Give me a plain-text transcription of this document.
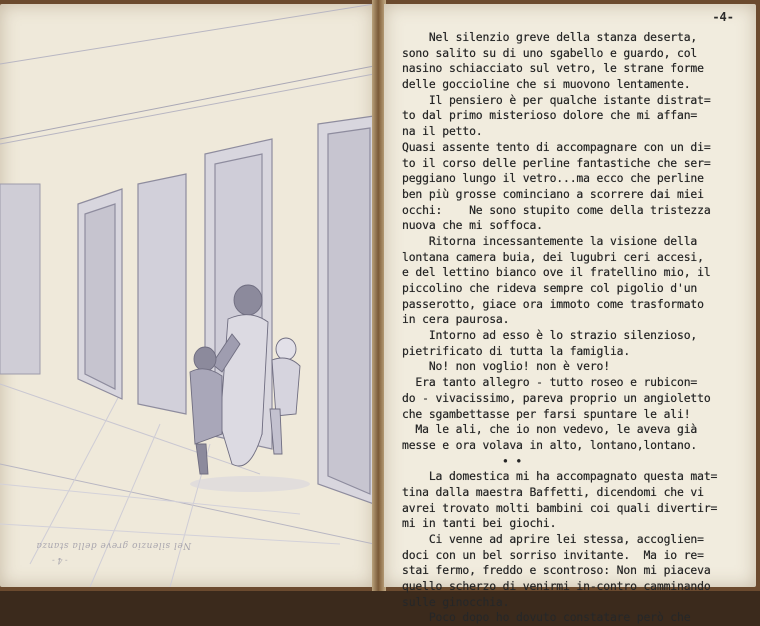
Nel silenzio greve della stanza
- 4 -
-4-
Nel silenzio greve della stanza deserta,
sono salito su di uno sgabello e guardo, col
nasino schiacciato sul vetro, le strane forme
delle goccioline che si muovono lentamente.
Il pensiero è per qualche istante distrat=
to dal primo misterioso dolore che mi affan=
na il petto.
Quasi assente tento di accompagnare con un di=
to il corso delle perline fantastiche che ser=
peggiano lungo il vetro...ma ecco che perline
ben più grosse cominciano a scorrere dai miei
occhi:    Ne sono stupito come della tristezza
nuova che mi soffoca.
Ritorna incessantemente la visione della
lontana camera buia, dei lugubri ceri accesi,
e del lettino bianco ove il fratellino mio, il
piccolino che rideva sempre col pigolio d'un
passerotto, giace ora immoto come trasformato
in cera paurosa.
Intorno ad esso è lo strazio silenzioso,
pietrificato di tutta la famiglia.
No! non voglio! non è vero!
Era tanto allegro - tutto roseo e rubicon=
do - vivacissimo, pareva proprio un angioletto
che sgambettasse per farsi spuntare le ali!
Ma le ali, che io non vedevo, le aveva già
messe e ora volava in alto, lontano,lontano.
• •
La domestica mi ha accompagnato questa mat=
tina dalla maestra Baffetti, dicendomi che vi
avrei trovato molti bambini coi quali divertir=
mi in tanti bei giochi.
Ci venne ad aprire lei stessa, accoglien=
doci con un bel sorriso invitante.  Ma io re=
stai fermo, freddo e scontroso: Non mi piaceva
quello scherzo di venirmi in-contro camminando
sulle ginocchia.
Poco dopo ho dovuto constatare però che
